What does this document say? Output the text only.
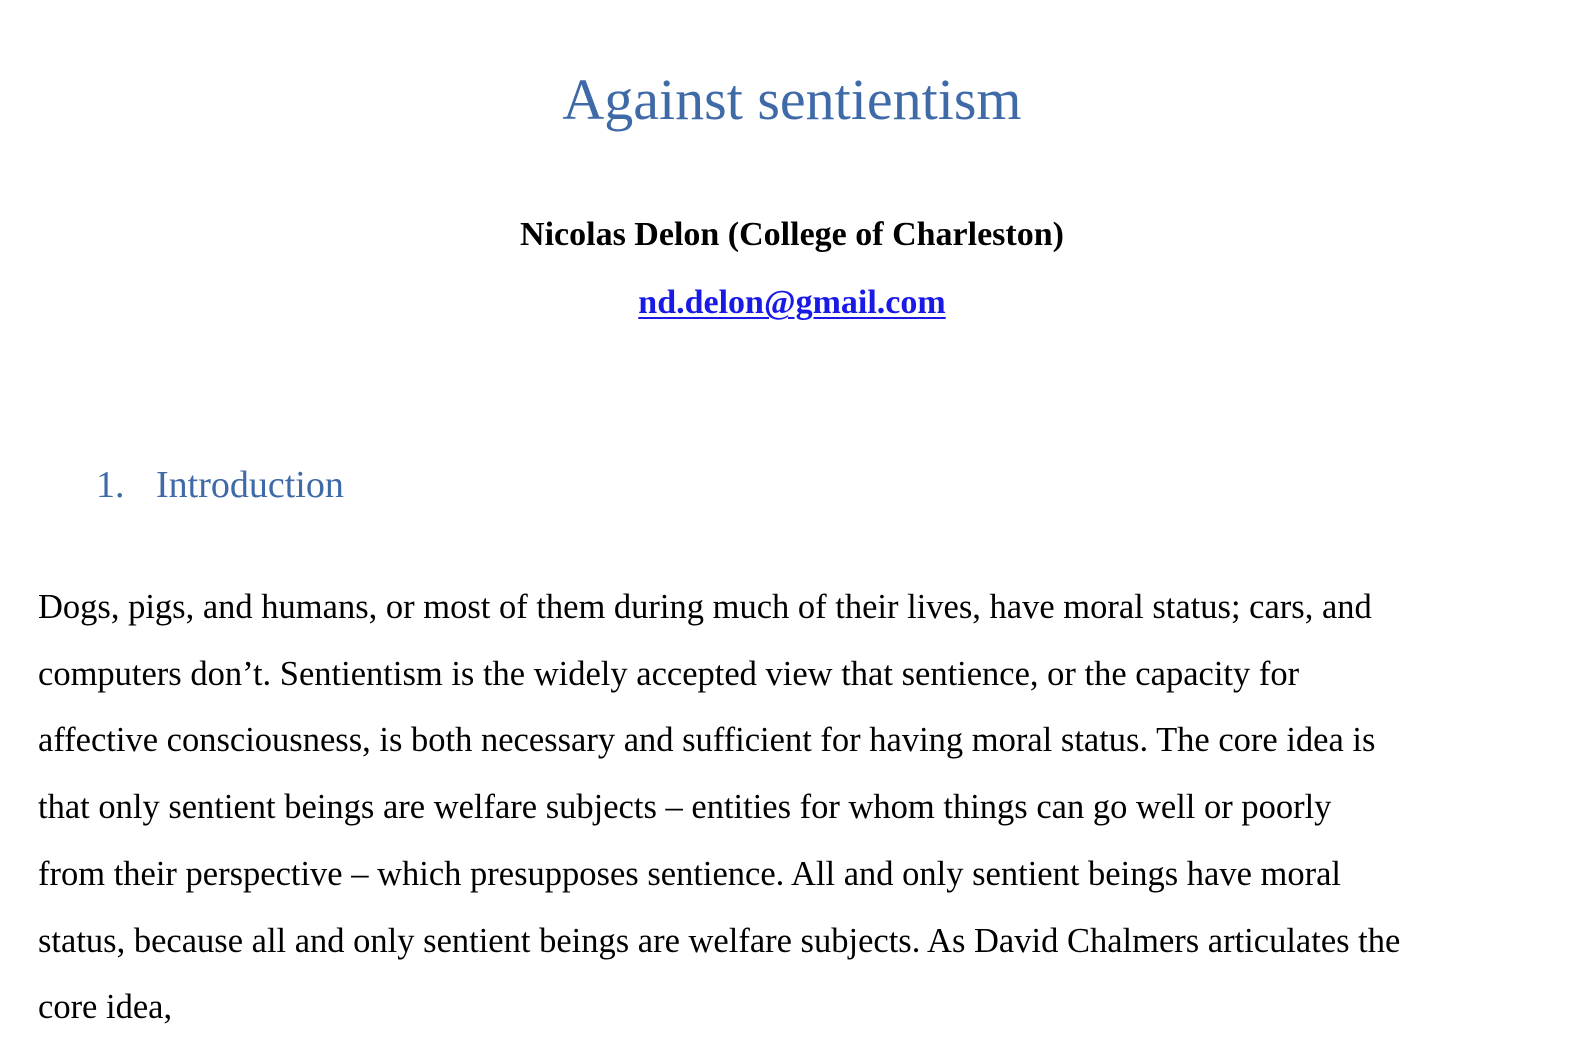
Against sentientism

Nicolas Delon (College of Charleston)

nd.delon@gmail.com

1. Introduction
Dogs, pigs, and humans, or most of them during much of their lives, have moral status; cars, and
computers don’t. Sentientism is the widely accepted view that sentience, or the capacity for
affective consciousness, is both necessary and sufficient for having moral status. The core idea is
that only sentient beings are welfare subjects – entities for whom things can go well or poorly
from their perspective – which presupposes sentience. All and only sentient beings have moral
status, because all and only sentient beings are welfare subjects. As David Chalmers articulates the
core idea,
